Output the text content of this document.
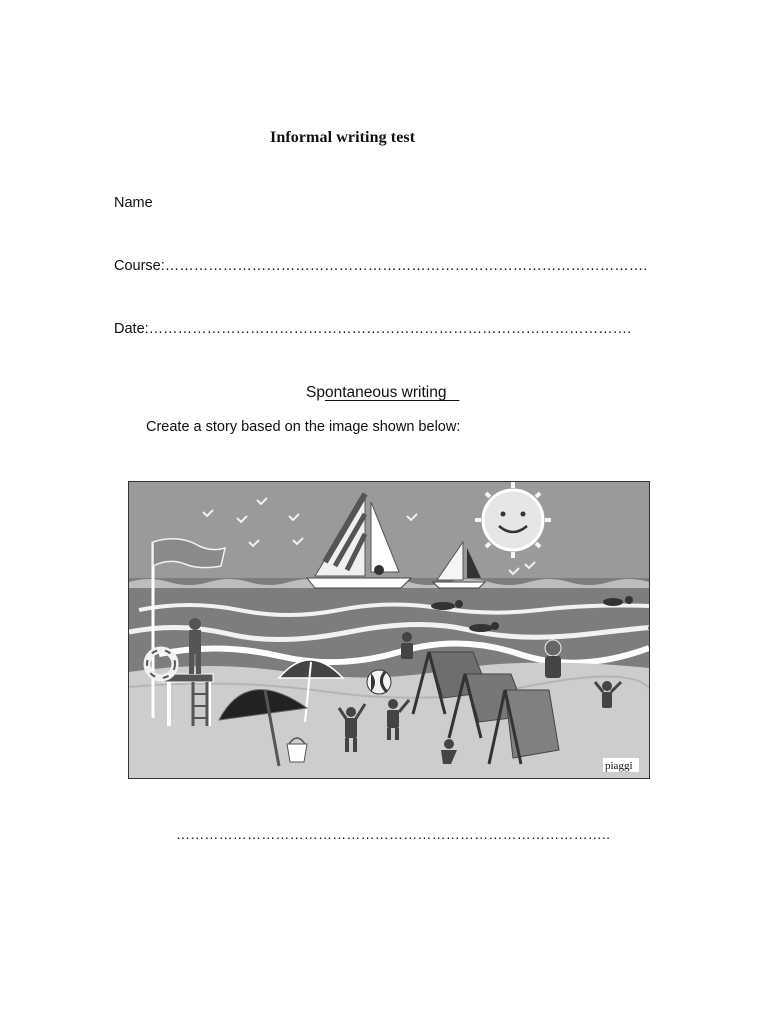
Informal writing test
Name
Course:……………………………………………………………………………………….
Date:……………………………………………………………………………………….
Spontaneous writing
Create a story based on the image shown below:
piaggi
………………………………………………………………………………..
